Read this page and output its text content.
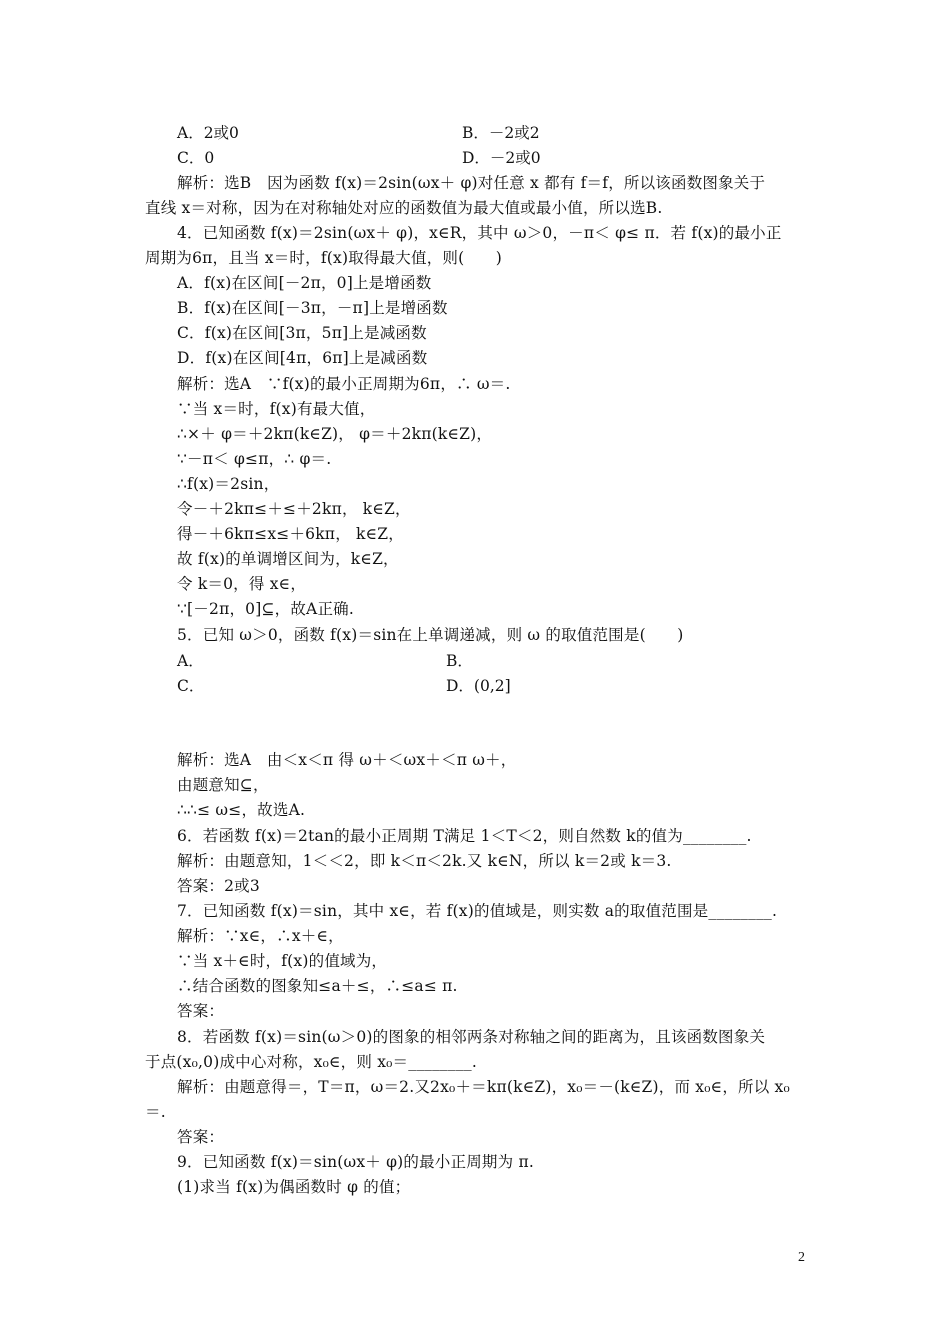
A．2或0	B．－2或2
C．0	D．－2或0
解析：选B　因为函数 f(x)＝2sin(ωx＋ φ)对任意 x 都有 f＝f，所以该函数图象关于
直线 x＝对称，因为在对称轴处对应的函数值为最大值或最小值，所以选B.
4．已知函数 f(x)＝2sin(ωx＋ φ)，x∈R，其中 ω＞0，－π＜ φ≤ π．若 f(x)的最小正
周期为6π，且当 x＝时，f(x)取得最大值，则(　　)
A．f(x)在区间[－2π，0]上是增函数
B．f(x)在区间[－3π，－π]上是增函数
C．f(x)在区间[3π，5π]上是减函数
D．f(x)在区间[4π，6π]上是减函数
解析：选A　∵f(x)的最小正周期为6π，∴ ω＝.
∵当 x＝时，f(x)有最大值，
∴×＋ φ＝＋2kπ(k∈Z)， φ＝＋2kπ(k∈Z)，
∵－π＜ φ≤π，∴ φ＝.
∴f(x)＝2sin，
令－＋2kπ≤＋≤＋2kπ， k∈Z，
得－＋6kπ≤x≤＋6kπ， k∈Z，
故 f(x)的单调增区间为，k∈Z，
令 k＝0，得 x∈，
∵[－2π，0]⊆，故A正确.
5．已知 ω＞0，函数 f(x)＝sin在上单调递减，则 ω 的取值范围是(　　)
A．	B．
C．	D．(0,2]
解析：选A　由＜x＜π 得 ω＋＜ωx＋＜π ω＋，
由题意知⊆，
∴∴≤ ω≤，故选A.
6．若函数 f(x)＝2tan的最小正周期 T满足 1＜T＜2，则自然数 k的值为________.
解析：由题意知，1＜＜2，即 k＜π＜2k.又 k∈N，所以 k＝2或 k＝3.
答案：2或3
7．已知函数 f(x)＝sin，其中 x∈，若 f(x)的值域是，则实数 a的取值范围是________.
解析：∵x∈，∴x＋∈，
∵当 x＋∈时，f(x)的值域为，
∴结合函数的图象知≤a＋≤，∴≤a≤ π.
答案：
8．若函数 f(x)＝sin(ω＞0)的图象的相邻两条对称轴之间的距离为，且该函数图象关
于点(x₀,0)成中心对称，x₀∈，则 x₀＝________.
解析：由题意得＝，T＝π，ω＝2.又2x₀＋＝kπ(k∈Z)，x₀＝－(k∈Z)，而 x₀∈，所以 x₀
＝.
答案：
9．已知函数 f(x)＝sin(ωx＋ φ)的最小正周期为 π.
(1)求当 f(x)为偶函数时 φ 的值；
2
